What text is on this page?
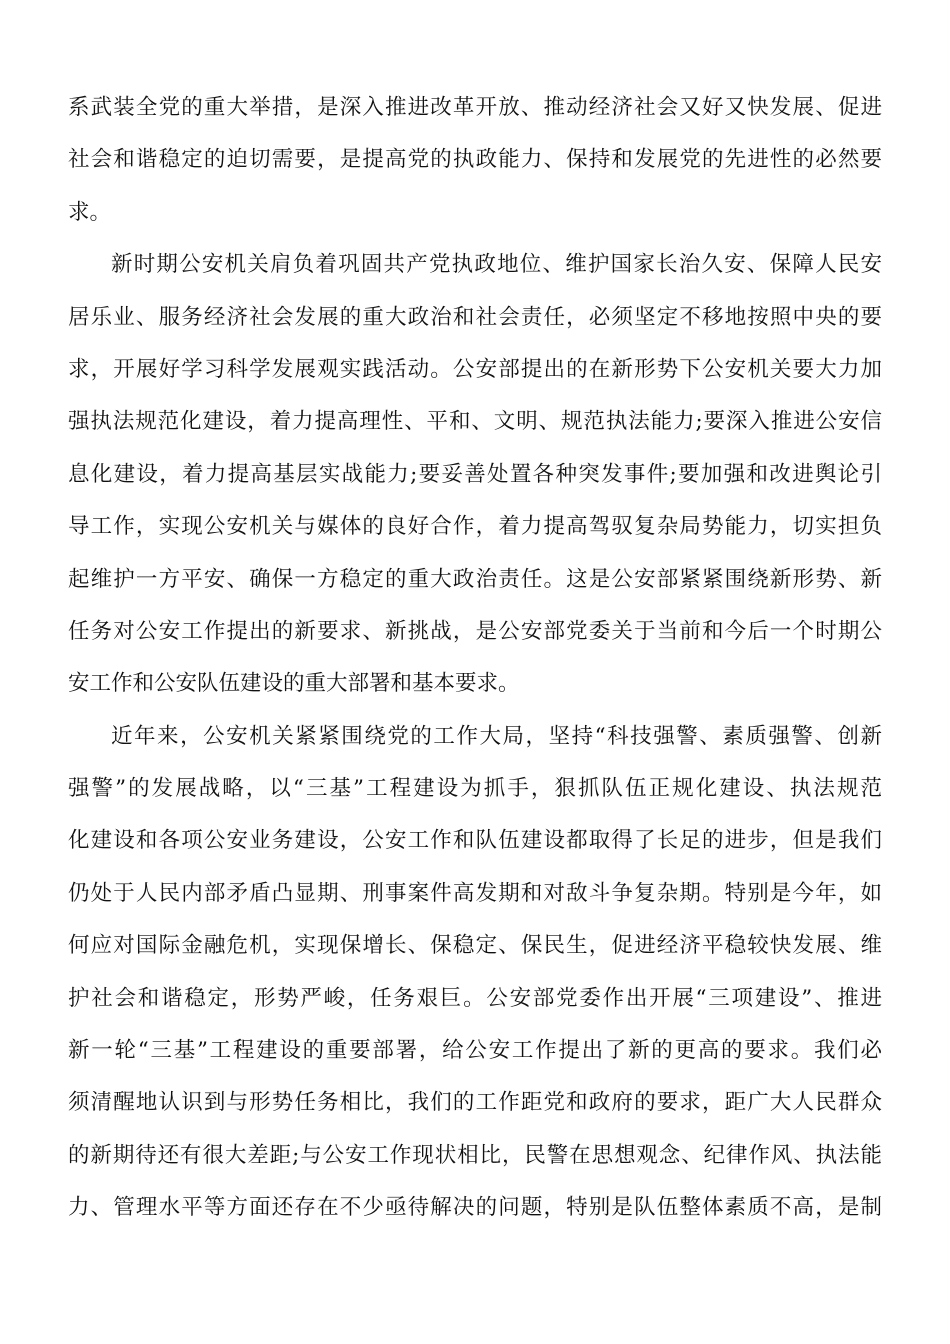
系武装全党的重大举措，是深入推进改革开放、推动经济社会又好又快发展、促进
社会和谐稳定的迫切需要，是提高党的执政能力、保持和发展党的先进性的必然要
求。
新时期公安机关肩负着巩固共产党执政地位、维护国家长治久安、保障人民安
居乐业、服务经济社会发展的重大政治和社会责任，必须坚定不移地按照中央的要
求，开展好学习科学发展观实践活动。公安部提出的在新形势下公安机关要大力加
强执法规范化建设，着力提高理性、平和、文明、规范执法能力;要深入推进公安信
息化建设，着力提高基层实战能力;要妥善处置各种突发事件;要加强和改进舆论引
导工作，实现公安机关与媒体的良好合作，着力提高驾驭复杂局势能力，切实担负
起维护一方平安、确保一方稳定的重大政治责任。这是公安部紧紧围绕新形势、新
任务对公安工作提出的新要求、新挑战，是公安部党委关于当前和今后一个时期公
安工作和公安队伍建设的重大部署和基本要求。
近年来，公安机关紧紧围绕党的工作大局，坚持“科技强警、素质强警、创新
强警”的发展战略，以“三基”工程建设为抓手，狠抓队伍正规化建设、执法规范
化建设和各项公安业务建设，公安工作和队伍建设都取得了长足的进步，但是我们
仍处于人民内部矛盾凸显期、刑事案件高发期和对敌斗争复杂期。特别是今年，如
何应对国际金融危机，实现保增长、保稳定、保民生，促进经济平稳较快发展、维
护社会和谐稳定，形势严峻，任务艰巨。公安部党委作出开展“三项建设”、推进
新一轮“三基”工程建设的重要部署，给公安工作提出了新的更高的要求。我们必
须清醒地认识到与形势任务相比，我们的工作距党和政府的要求，距广大人民群众
的新期待还有很大差距;与公安工作现状相比，民警在思想观念、纪律作风、执法能
力、管理水平等方面还存在不少亟待解决的问题，特别是队伍整体素质不高，是制
